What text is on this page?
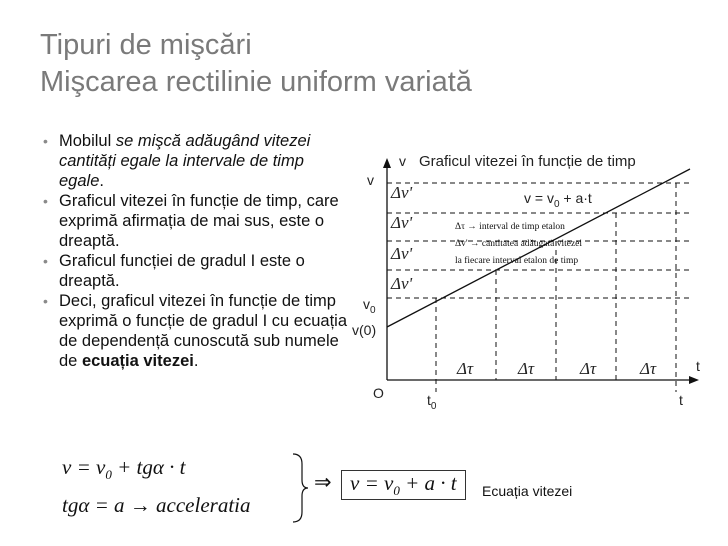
Tipuri de mişcări
Mişcarea rectilinie uniform variată
• Mobilul se mişcă adăugând vitezei cantități egale la intervale de timp egale.
• Graficul vitezei în funcție de timp, care exprimă afirmația de mai sus, este o dreaptă.
• Graficul funcției de gradul I este o dreaptă.
• Deci, graficul vitezei în funcție de timp exprimă o funcție de gradul I cu ecuația de dependență cunoscută sub numele de ecuația vitezei.
v Graficul vitezei în funcție de timp
v
$v_0$
v(0)
O
t
$t_0$	t
$v = v_0 + a\cdot t$
Δv'
Δv'
Δv'
Δv'
Δτ	Δτ	Δτ	Δτ
Δτ → interval de timp etalon
Δv' → cantitatea adăugată vitezei
la fiecare interval etalon de timp
$v = v_0 + tg\alpha \cdot t$
tgα = a → acceleratia
⇒ $v = v_0 + a \cdot t$	Ecuația vitezei
